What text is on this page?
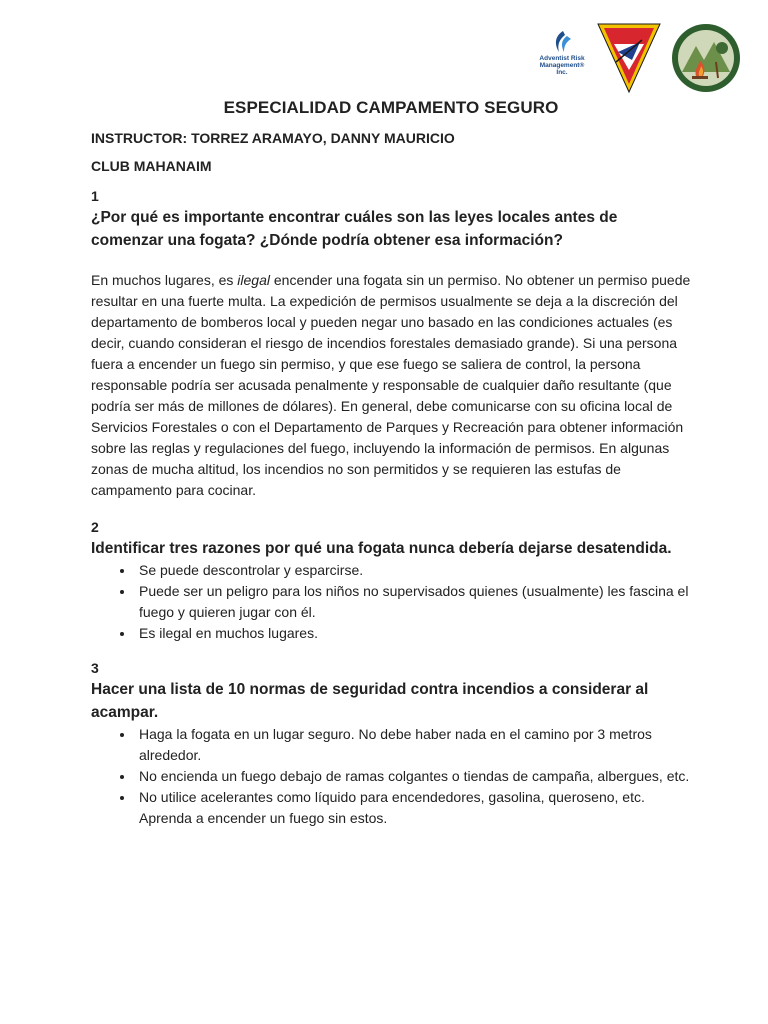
Adventist Risk
Management® Inc.
ESPECIALIDAD CAMPAMENTO SEGURO
INSTRUCTOR: TORREZ ARAMAYO, DANNY MAURICIO
CLUB MAHANAIM
1
¿Por qué es importante encontrar cuáles son las leyes locales antes de comenzar una fogata? ¿Dónde podría obtener esa información?

En muchos lugares, es ilegal encender una fogata sin un permiso. No obtener un permiso puede resultar en una fuerte multa. La expedición de permisos usualmente se deja a la discreción del departamento de bomberos local y pueden negar uno basado en las condiciones actuales (es decir, cuando consideran el riesgo de incendios forestales demasiado grande). Si una persona fuera a encender un fuego sin permiso, y que ese fuego se saliera de control, la persona responsable podría ser acusada penalmente y responsable de cualquier daño resultante (que podría ser más de millones de dólares). En general, debe comunicarse con su oficina local de Servicios Forestales o con el Departamento de Parques y Recreación para obtener información sobre las reglas y regulaciones del fuego, incluyendo la información de permisos. En algunas zonas de mucha altitud, los incendios no son permitidos y se requieren las estufas de campamento para cocinar.

2
Identificar tres razones por qué una fogata nunca debería dejarse desatendida.
• Se puede descontrolar y esparcirse.
• Puede ser un peligro para los niños no supervisados quienes (usualmente) les fascina el fuego y quieren jugar con él.
• Es ilegal en muchos lugares.
3
Hacer una lista de 10 normas de seguridad contra incendios a considerar al acampar.
• Haga la fogata en un lugar seguro. No debe haber nada en el camino por 3 metros alrededor.
• No encienda un fuego debajo de ramas colgantes o tiendas de campaña, albergues, etc.
• No utilice acelerantes como líquido para encendedores, gasolina, queroseno, etc. Aprenda a encender un fuego sin estos.
